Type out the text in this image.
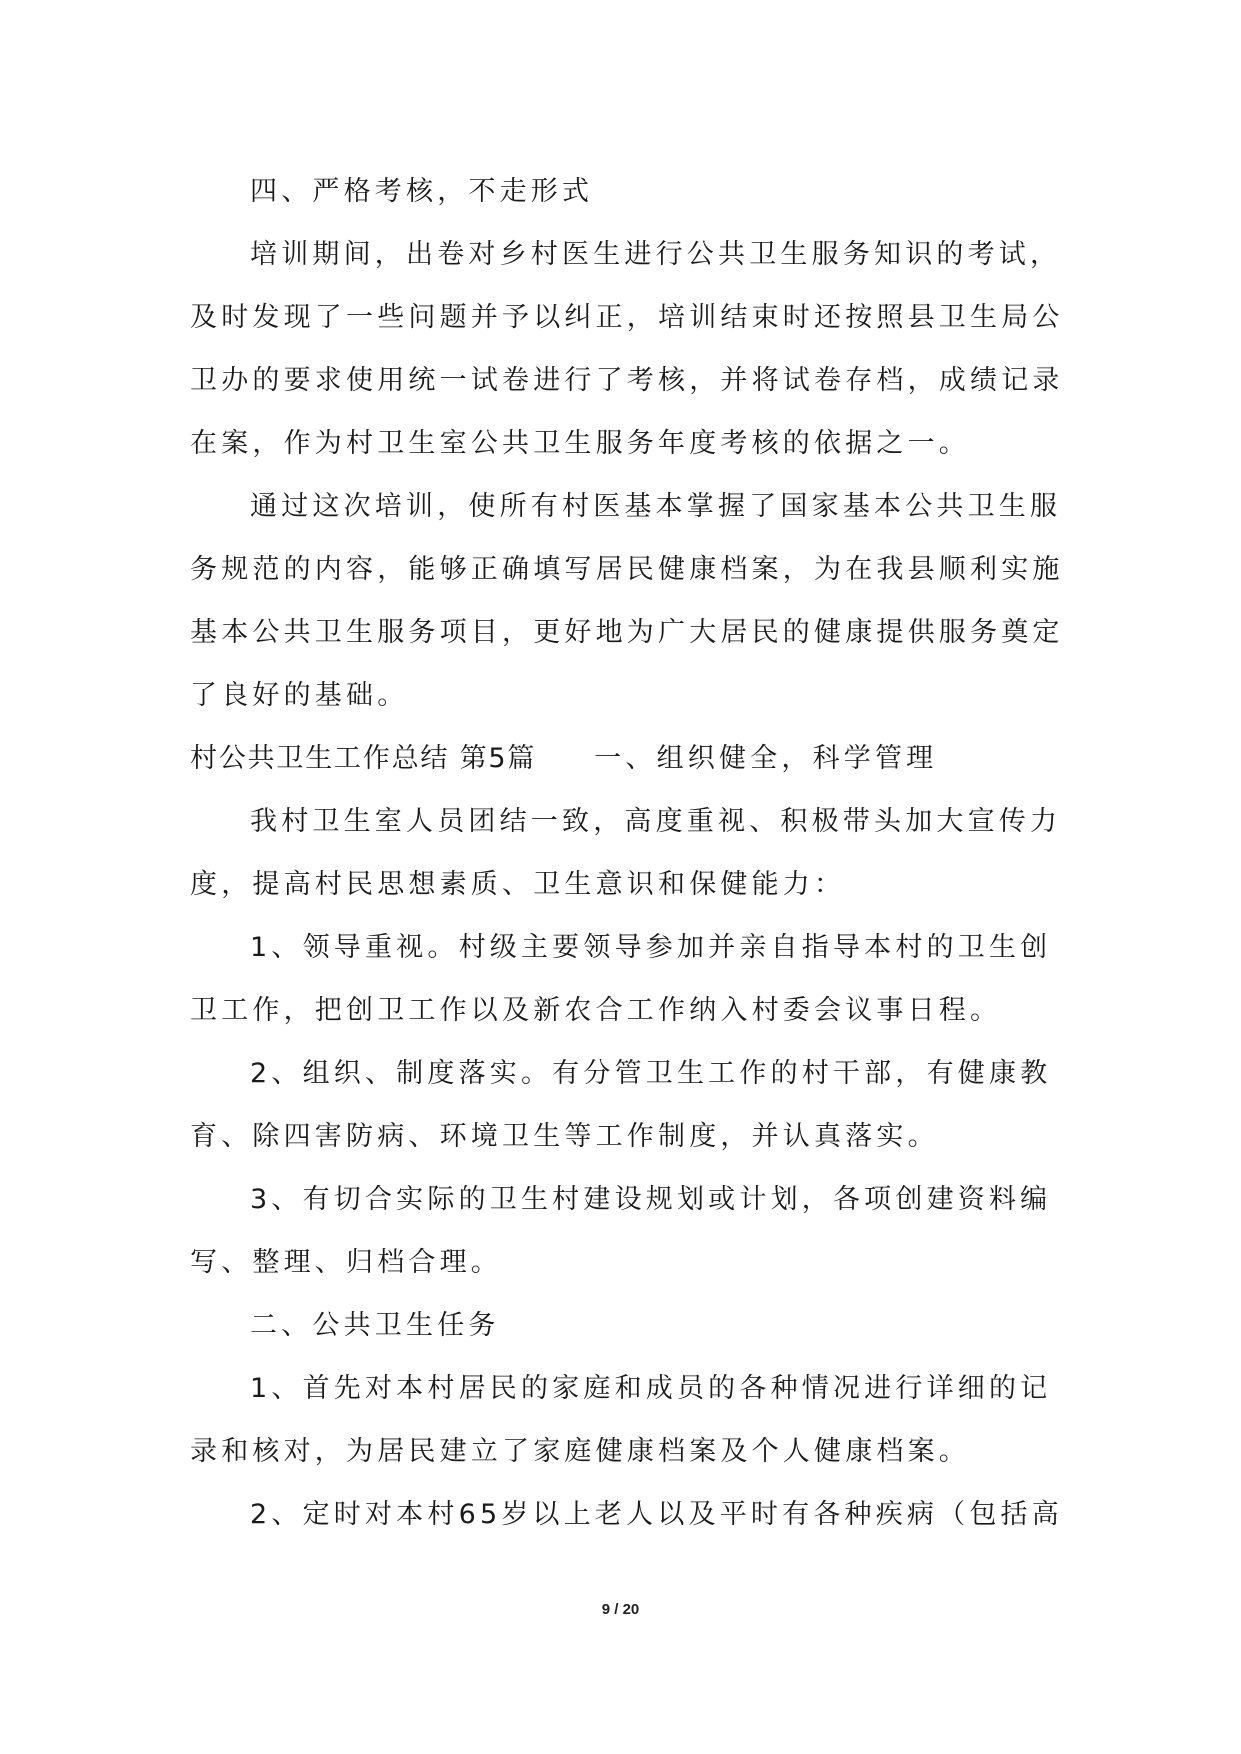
四、严格考核，不走形式

培训期间，出卷对乡村医生进行公共卫生服务知识的考试，

及时发现了一些问题并予以纠正，培训结束时还按照县卫生局公

卫办的要求使用统一试卷进行了考核，并将试卷存档，成绩记录

在案，作为村卫生室公共卫生服务年度考核的依据之一。

通过这次培训，使所有村医基本掌握了国家基本公共卫生服

务规范的内容，能够正确填写居民健康档案，为在我县顺利实施

基本公共卫生服务项目，更好地为广大居民的健康提供服务奠定

了良好的基础。

村公共卫生工作总结 第5篇 一、组织健全，科学管理

我村卫生室人员团结一致，高度重视、积极带头加大宣传力

度，提高村民思想素质、卫生意识和保健能力：

1、领导重视。村级主要领导参加并亲自指导本村的卫生创

卫工作，把创卫工作以及新农合工作纳入村委会议事日程。

2、组织、制度落实。有分管卫生工作的村干部，有健康教

育、除四害防病、环境卫生等工作制度，并认真落实。

3、有切合实际的卫生村建设规划或计划，各项创建资料编

写、整理、归档合理。

二、公共卫生任务

1、首先对本村居民的家庭和成员的各种情况进行详细的记

录和核对，为居民建立了家庭健康档案及个人健康档案。

2、定时对本村65岁以上老人以及平时有各种疾病（包括高

9 / 20
